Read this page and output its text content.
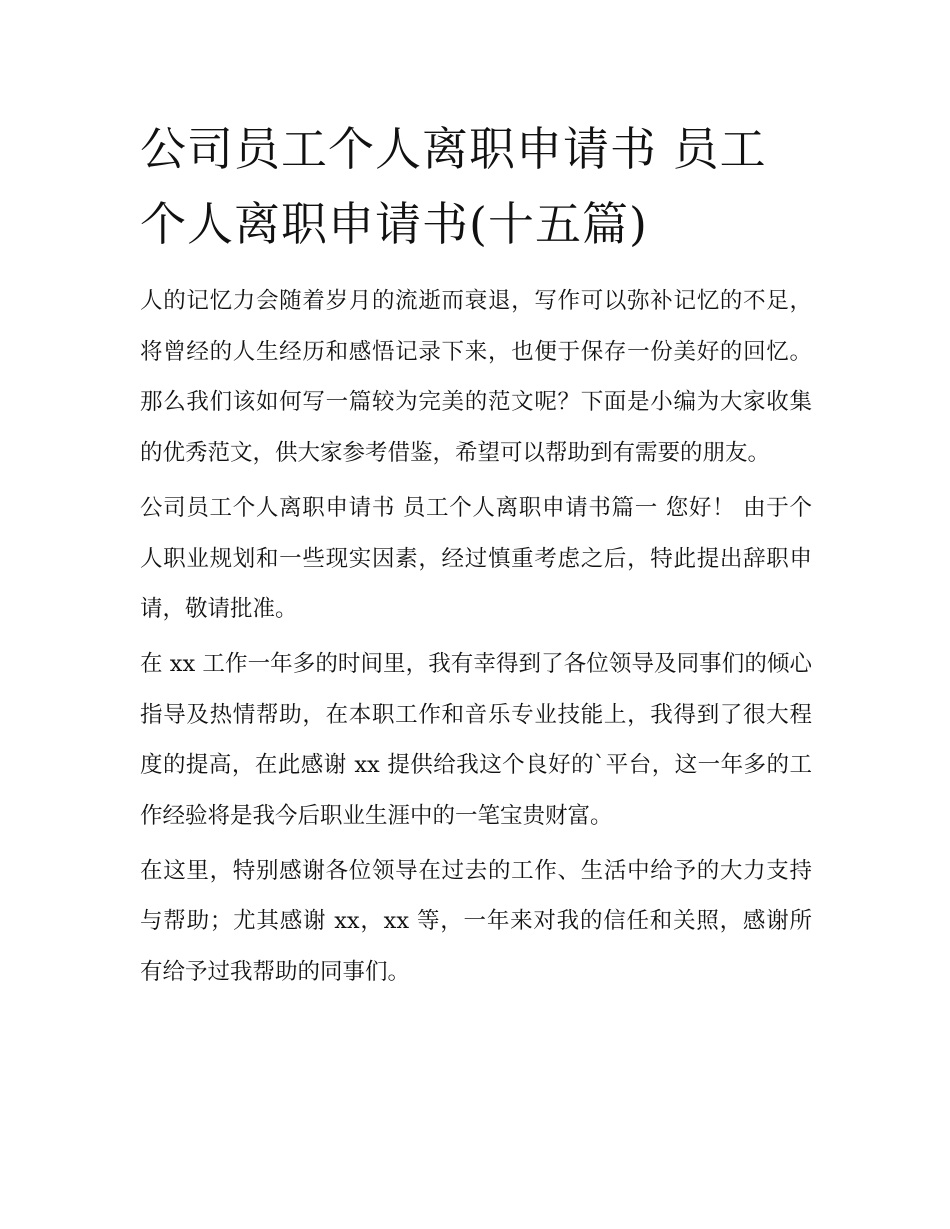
公司员工个人离职申请书 员工个人离职申请书(十五篇)

人的记忆力会随着岁月的流逝而衰退，写作可以弥补记忆的不足，将曾经的人生经历和感悟记录下来，也便于保存一份美好的回忆。那么我们该如何写一篇较为完美的范文呢？下面是小编为大家收集的优秀范文，供大家参考借鉴，希望可以帮助到有需要的朋友。

公司员工个人离职申请书 员工个人离职申请书篇一 您好！ 由于个人职业规划和一些现实因素，经过慎重考虑之后，特此提出辞职申请，敬请批准。

在 xx 工作一年多的时间里，我有幸得到了各位领导及同事们的倾心指导及热情帮助，在本职工作和音乐专业技能上，我得到了很大程度的提高，在此感谢 xx 提供给我这个良好的`平台，这一年多的工作经验将是我今后职业生涯中的一笔宝贵财富。

在这里，特别感谢各位领导在过去的工作、生活中给予的大力支持与帮助；尤其感谢 xx，xx 等，一年来对我的信任和关照，感谢所有给予过我帮助的同事们。
